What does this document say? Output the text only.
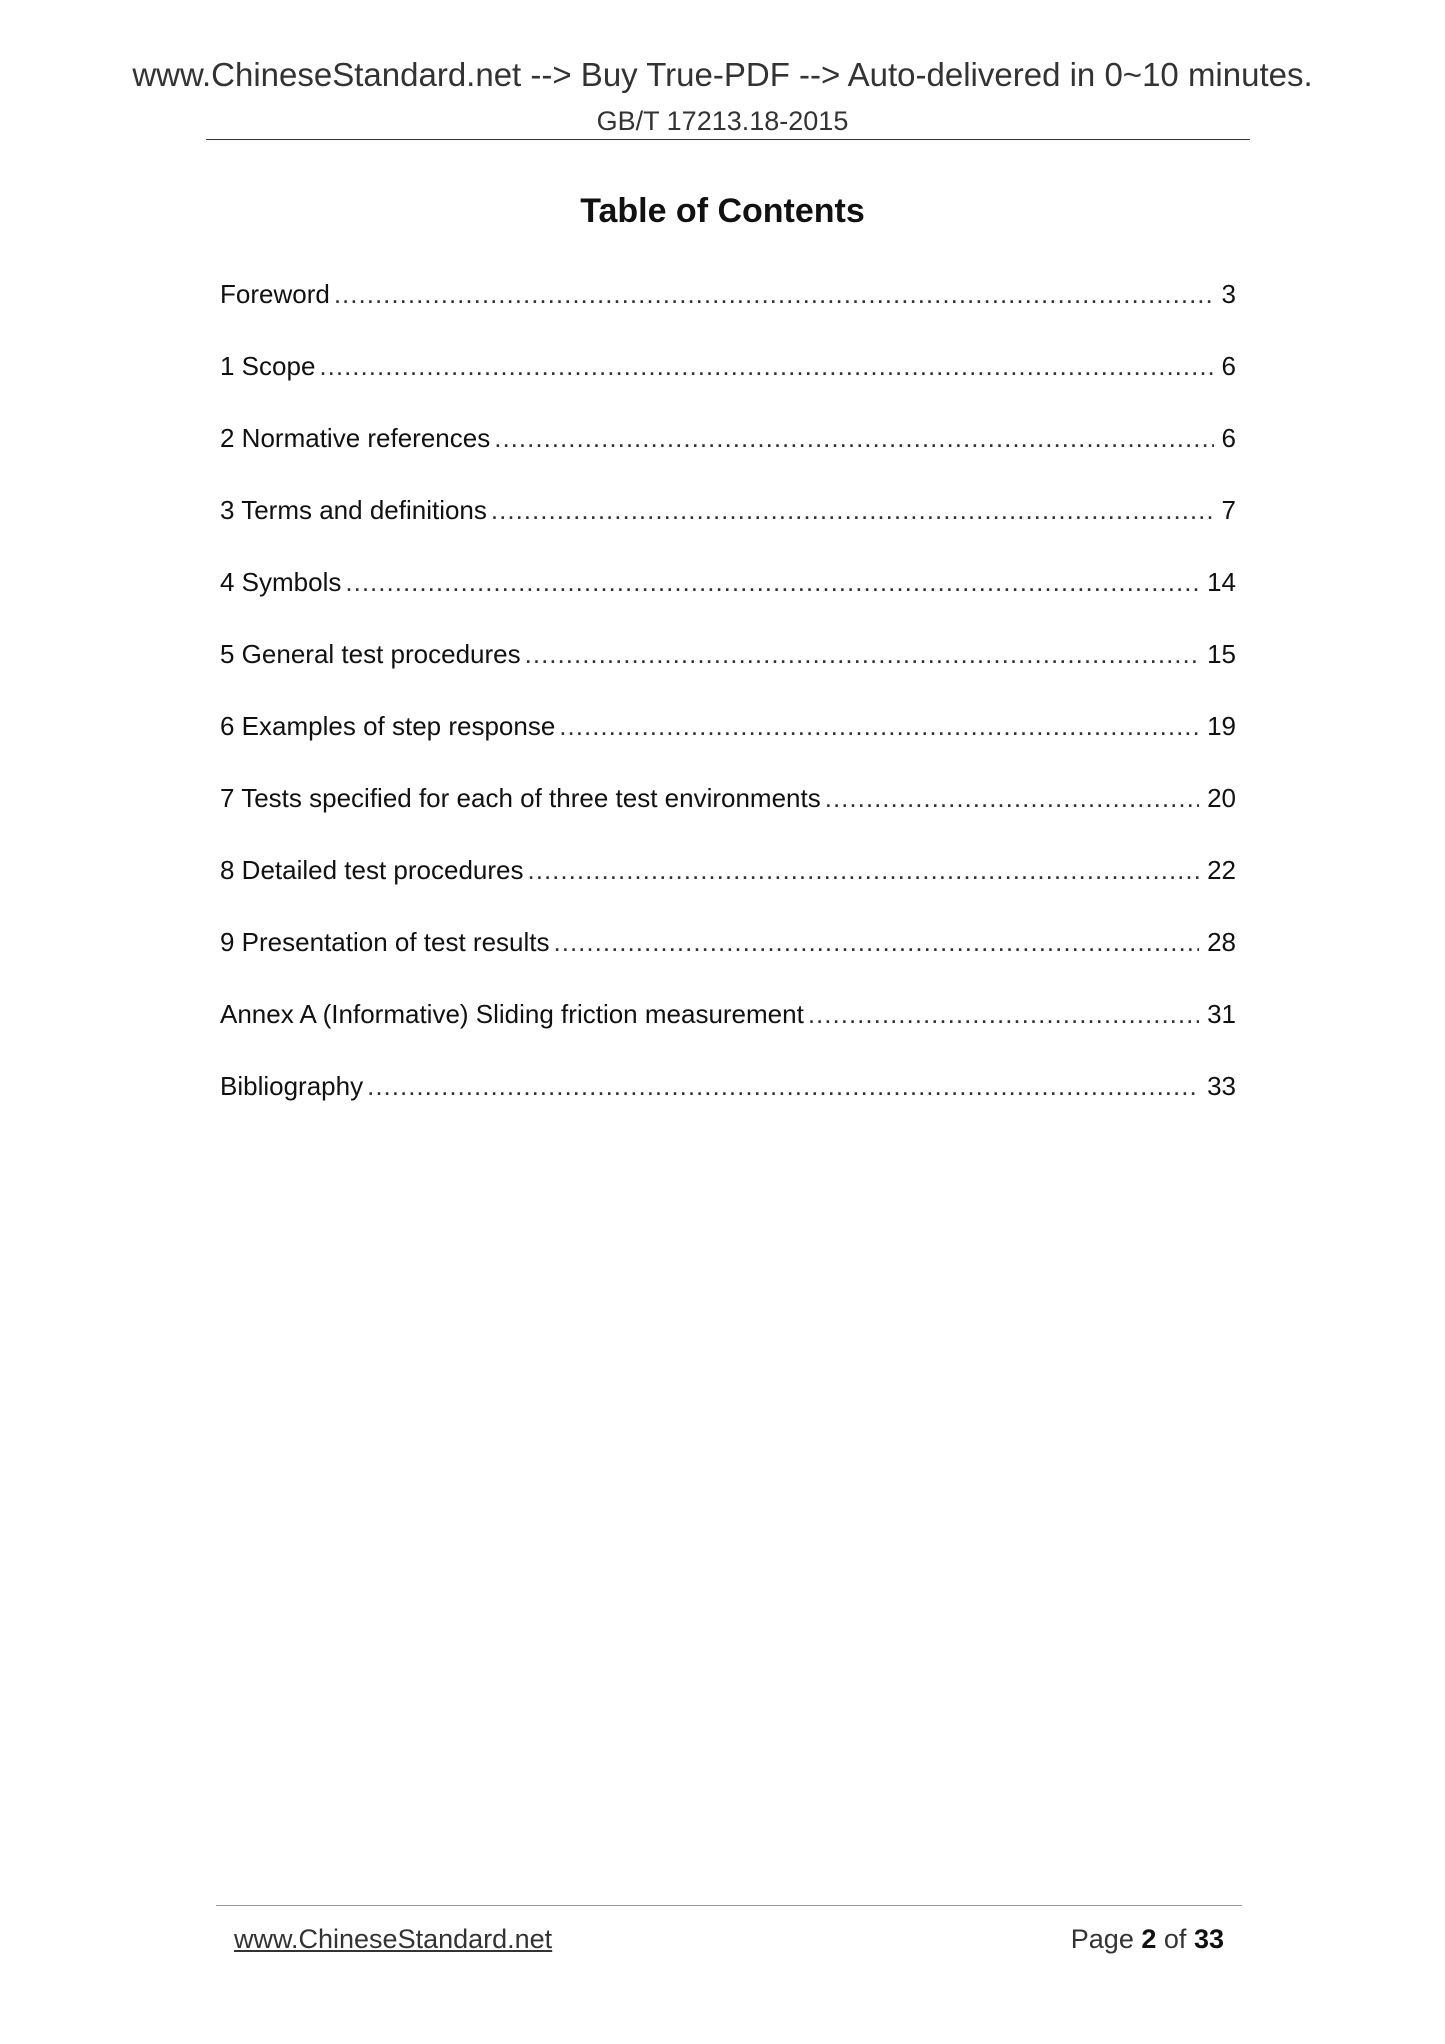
www.ChineseStandard.net --> Buy True-PDF --> Auto-delivered in 0~10 minutes.
GB/T 17213.18-2015
Table of Contents
Foreword .....	3
1 Scope .....	6
2 Normative references .....	6
3 Terms and definitions .....	7
4 Symbols .....	14
5 General test procedures .....	15
6 Examples of step response .....	19
7 Tests specified for each of three test environments .....	20
8 Detailed test procedures .....	22
9 Presentation of test results .....	28
Annex A (Informative) Sliding friction measurement .....	31
Bibliography .....	33
www.ChineseStandard.net	Page 2 of 33
